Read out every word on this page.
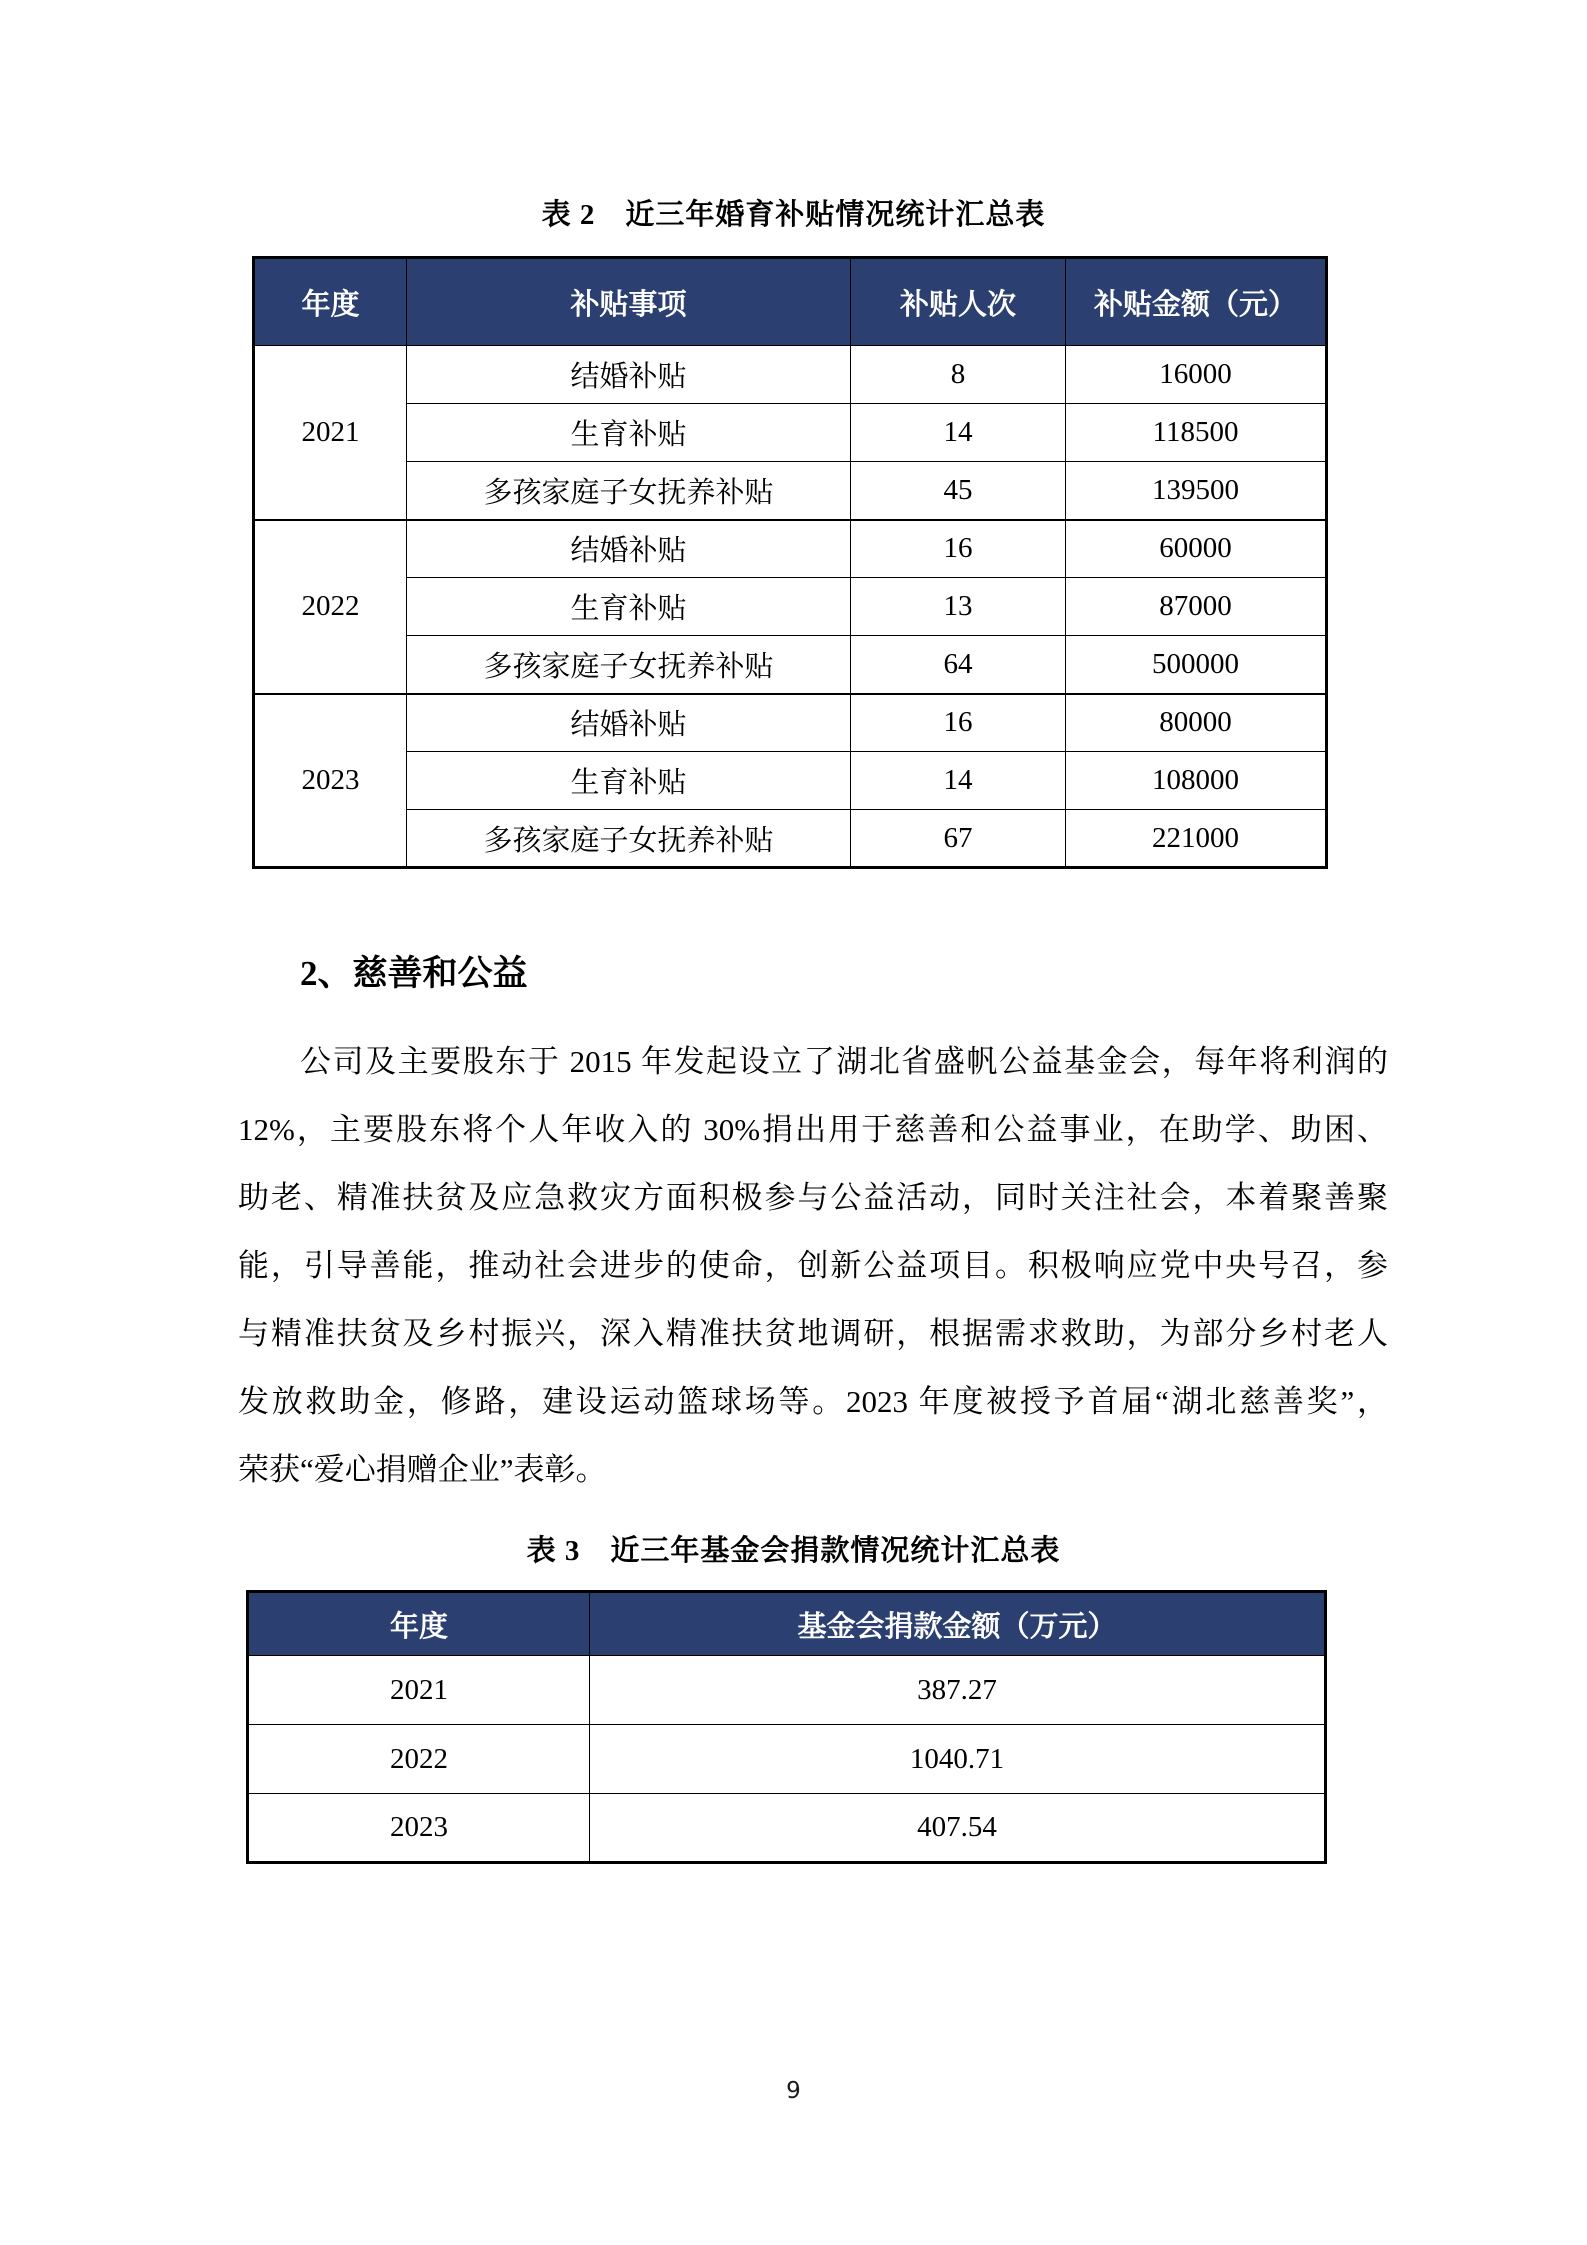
表 2　近三年婚育补贴情况统计汇总表
年度	补贴事项	补贴人次	补贴金额（元）
2021	结婚补贴	8	16000
	生育补贴	14	118500
	多孩家庭子女抚养补贴	45	139500
2022	结婚补贴	16	60000
	生育补贴	13	87000
	多孩家庭子女抚养补贴	64	500000
2023	结婚补贴	16	80000
	生育补贴	14	108000
	多孩家庭子女抚养补贴	67	221000
2、慈善和公益
公司及主要股东于 2015 年发起设立了湖北省盛帆公益基金会，每年将利润的
12%，主要股东将个人年收入的 30%捐出用于慈善和公益事业，在助学、助困、
助老、精准扶贫及应急救灾方面积极参与公益活动，同时关注社会，本着聚善聚
能，引导善能，推动社会进步的使命，创新公益项目。积极响应党中央号召，参
与精准扶贫及乡村振兴，深入精准扶贫地调研，根据需求救助，为部分乡村老人
发放救助金，修路，建设运动篮球场等。2023 年度被授予首届“湖北慈善奖”，
荣获“爱心捐赠企业”表彰。
表 3　近三年基金会捐款情况统计汇总表
年度	基金会捐款金额（万元）
2021	387.27
2022	1040.71
2023	407.54
9
